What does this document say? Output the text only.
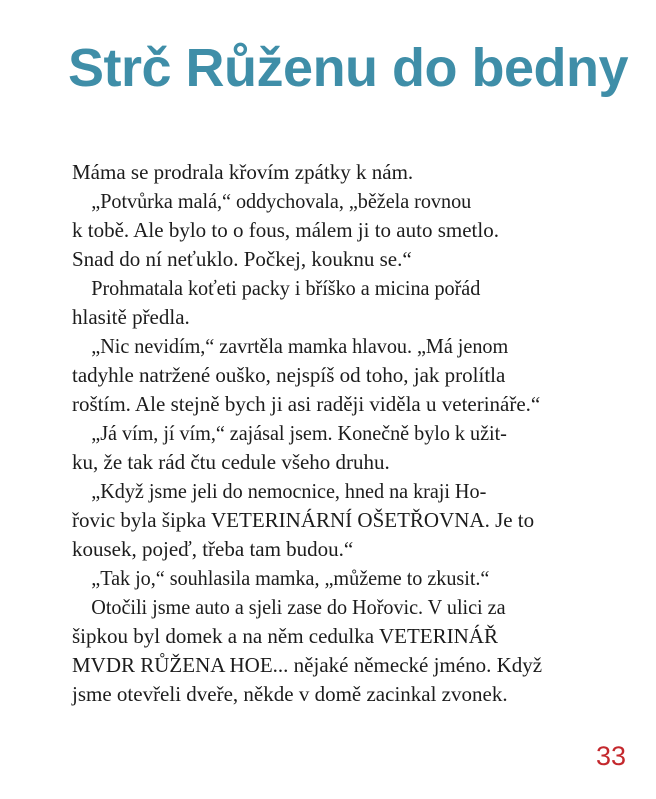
Strč Růženu do bedny
Máma se prodrala křovím zpátky k nám.
„Potvůrka malá,“ oddychovala, „běžela rovnou
k tobě. Ale bylo to o fous, málem ji to auto smetlo.
Snad do ní neťuklo. Počkej, kouknu se.“
Prohmatala koťeti packy i bříško a micina pořád
hlasitě předla.
„Nic nevidím,“ zavrtěla mamka hlavou. „Má jenom
tadyhle natržené ouško, nejspíš od toho, jak prolítla
roštím. Ale stejně bych ji asi raději viděla u veterináře.“
„Já vím, jí vím,“ zajásal jsem. Konečně bylo k užit-
ku, že tak rád čtu cedule všeho druhu.
„Když jsme jeli do nemocnice, hned na kraji Ho-
řovic byla šipka VETERINÁRNÍ OŠETŘOVNA. Je to
kousek, pojeď, třeba tam budou.“
„Tak jo,“ souhlasila mamka, „můžeme to zkusit.“
Otočili jsme auto a sjeli zase do Hořovic. V ulici za
šipkou byl domek a na něm cedulka VETERINÁŘ
MVDR RŮŽENA HOE... nějaké německé jméno. Když
jsme otevřeli dveře, někde v domě zacinkal zvonek.
33
